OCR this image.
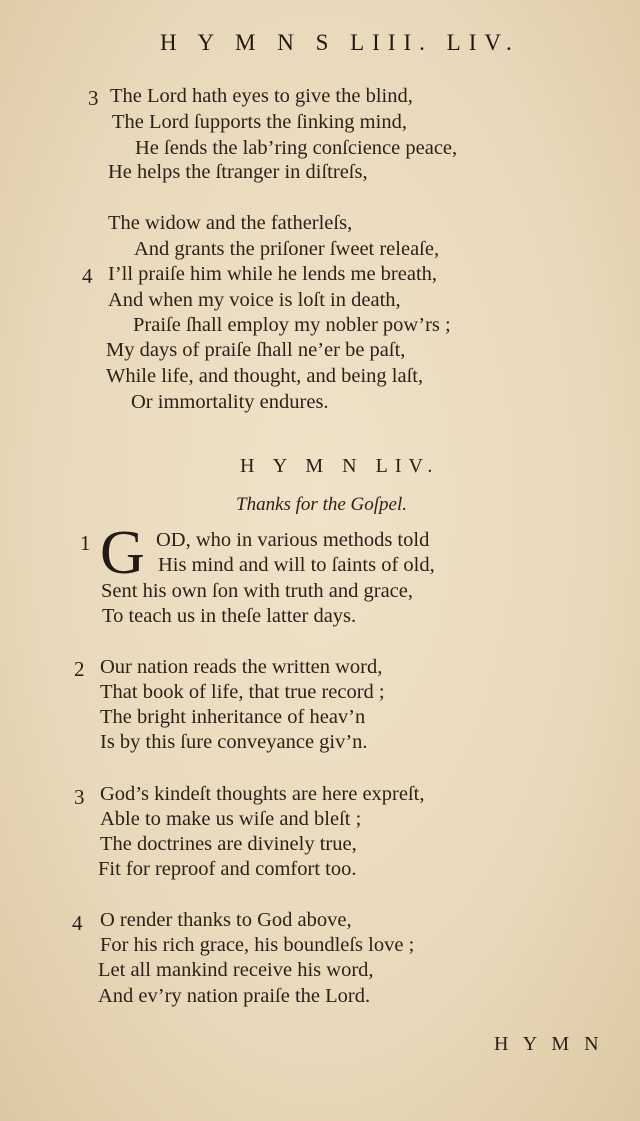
H Y M N S LIII. LIV.
3 The Lord hath eyes to give the blind,
The Lord ſupports the ſinking mind,
He ſends the lab’ring conſcience peace,
He helps the ſtranger in diſtreſs,
The widow and the fatherleſs,
And grants the priſoner ſweet releaſe,
4 I’ll praiſe him while he lends me breath,
And when my voice is loſt in death,
Praiſe ſhall employ my nobler pow’rs ;
My days of praiſe ſhall ne’er be paſt,
While life, and thought, and being laſt,
Or immortality endures.
H Y M N LIV.
Thanks for the Goſpel.
1 G OD, who in various methods told
His mind and will to ſaints of old,
Sent his own ſon with truth and grace,
To teach us in theſe latter days.
2 Our nation reads the written word,
That book of life, that true record ;
The bright inheritance of heav’n
Is by this ſure conveyance giv’n.
3 God’s kindeſt thoughts are here expreſt,
Able to make us wiſe and bleſt ;
The doctrines are divinely true,
Fit for reproof and comfort too.
4 O render thanks to God above,
For his rich grace, his boundleſs love ;
Let all mankind receive his word,
And ev’ry nation praiſe the Lord.
H Y M N
